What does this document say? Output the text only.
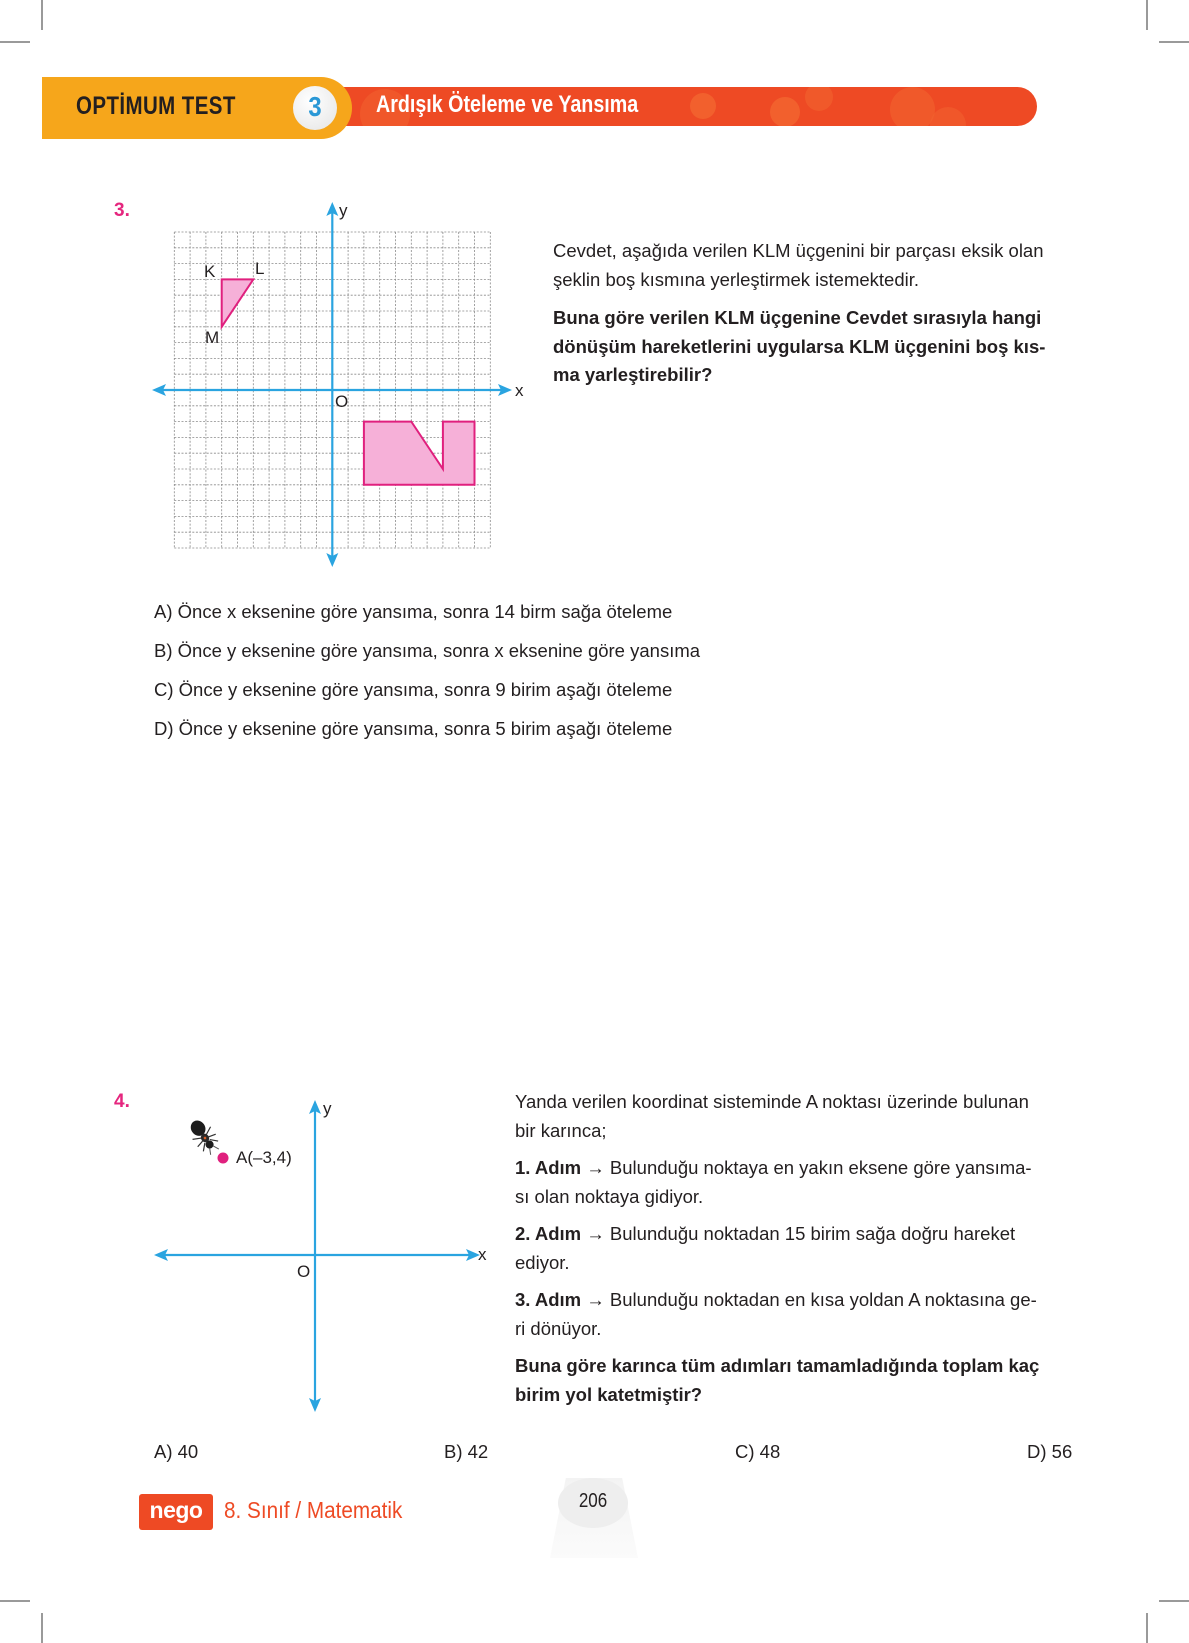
OPTİMUM TEST	3	Ardışık Öteleme ve Yansıma
3.	y
x
O
K L
M

Cevdet, aşağıda verilen KLM üçgenini bir parçası eksik olan
şeklin boş kısmına yerleştirmek istemektedir.

Buna göre verilen KLM üçgenine Cevdet sırasıyla hangi
dönüşüm hareketlerini uygularsa KLM üçgenini boş kıs-
ma yarleştirebilir?

A) Önce x eksenine göre yansıma, sonra 14 birm sağa öteleme
B) Önce y eksenine göre yansıma, sonra x eksenine göre yansıma
C) Önce y eksenine göre yansıma, sonra 9 birim aşağı öteleme
D) Önce y eksenine göre yansıma, sonra 5 birim aşağı öteleme
4.	y
x
O
A(–3,4)

Yanda verilen koordinat sisteminde A noktası üzerinde bulunan
bir karınca;

1. Adım → Bulunduğu noktaya en yakın eksene göre yansıma-
sı olan noktaya gidiyor.

2. Adım → Bulunduğu noktadan 15 birim sağa doğru hareket
ediyor.

3. Adım → Bulunduğu noktadan en kısa yoldan A noktasına ge-
ri dönüyor.

Buna göre karınca tüm adımları tamamladığında toplam kaç
birim yol katetmiştir?

A) 40	B) 42	C) 48	D) 56
nego 8. Sınıf / Matematik	206
